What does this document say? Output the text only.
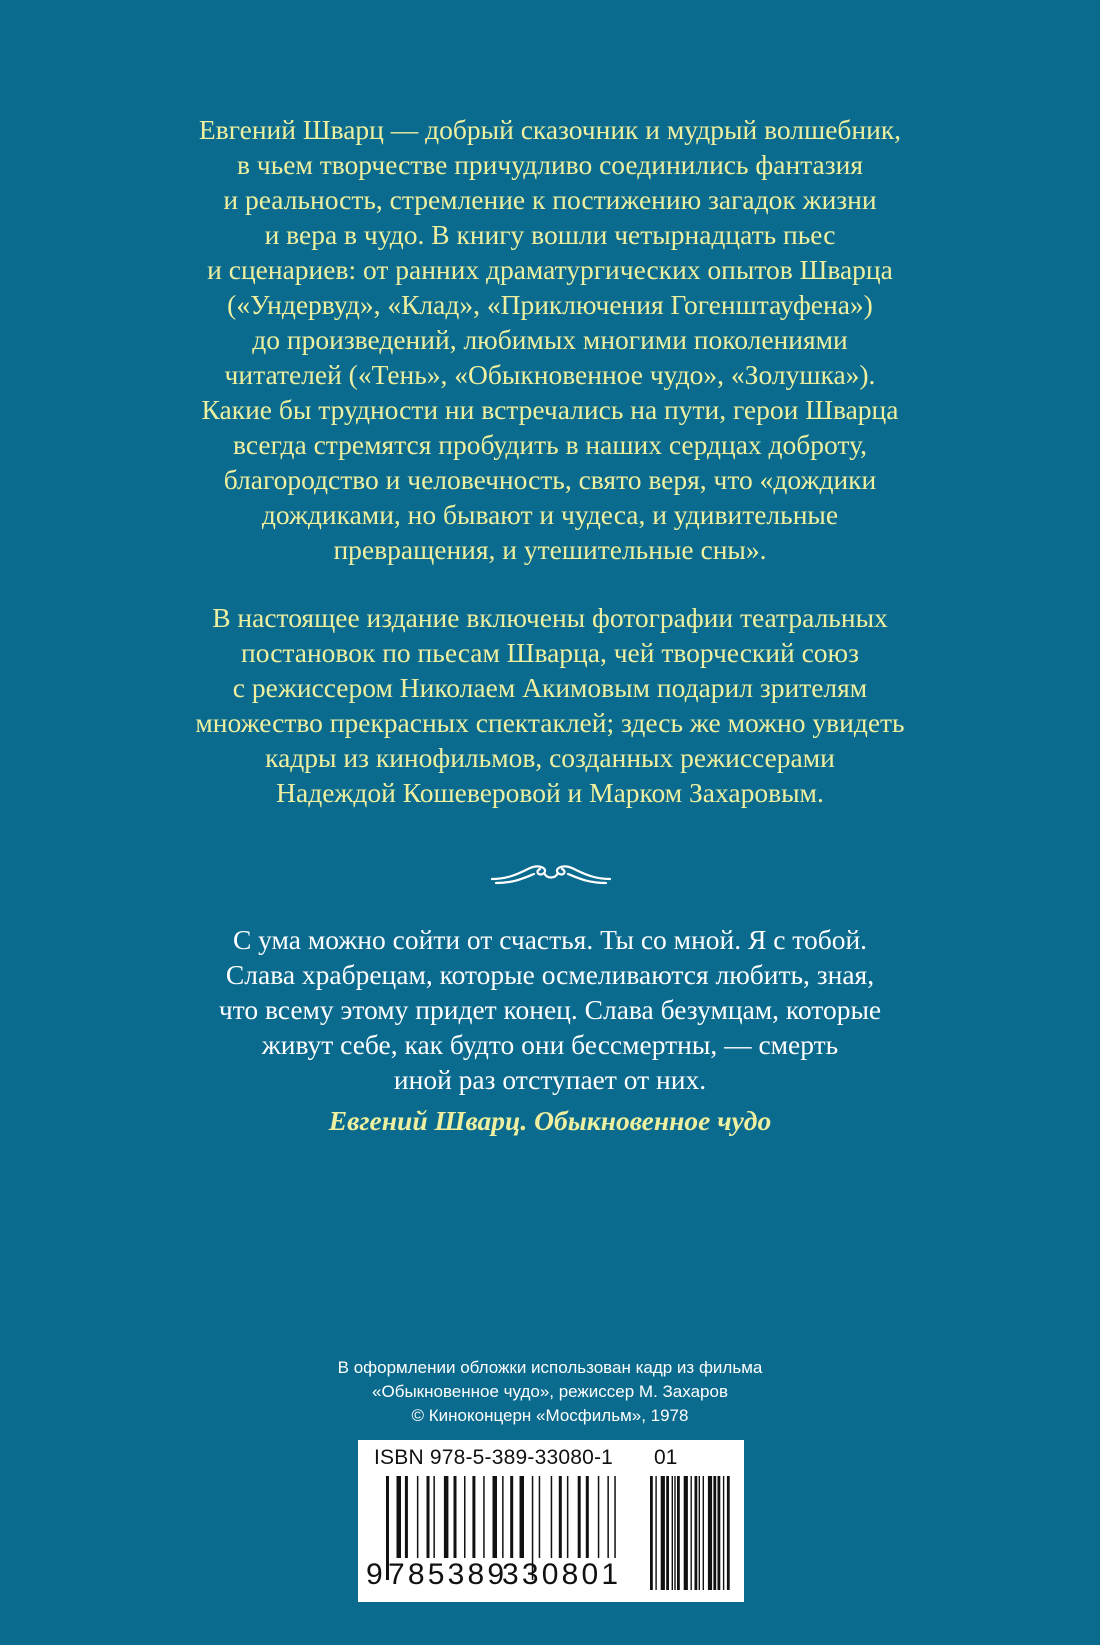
Евгений Шварц — добрый сказочник и мудрый волшебник,
в чьем творчестве причудливо соединились фантазия
и реальность, стремление к постижению загадок жизни
и вера в чудо. В книгу вошли четырнадцать пьес
и сценариев: от ранних драматургических опытов Шварца
(«Ундервуд», «Клад», «Приключения Гогенштауфена»)
до произведений, любимых многими поколениями
читателей («Тень», «Обыкновенное чудо», «Золушка»).
Какие бы трудности ни встречались на пути, герои Шварца
всегда стремятся пробудить в наших сердцах доброту,
благородство и человечность, свято веря, что «дождики
дождиками, но бывают и чудеса, и удивительные
превращения, и утешительные сны».

В настоящее издание включены фотографии театральных
постановок по пьесам Шварца, чей творческий союз
с режиссером Николаем Акимовым подарил зрителям
множество прекрасных спектаклей; здесь же можно увидеть
кадры из кинофильмов, созданных режиссерами
Надеждой Кошеверовой и Марком Захаровым.

С ума можно сойти от счастья. Ты со мной. Я с тобой.
Слава храбрецам, которые осмеливаются любить, зная,
что всему этому придет конец. Слава безумцам, которые
живут себе, как будто они бессмертны, — смерть
иной раз отступает от них.

Евгений Шварц. Обыкновенное чудо

В оформлении обложки использован кадр из фильма
«Обыкновенное чудо», режиссер М. Захаров
© Киноконцерн «Мосфильм», 1978
ISBN 978-5-389-33080-1 01
9 785389
330801
